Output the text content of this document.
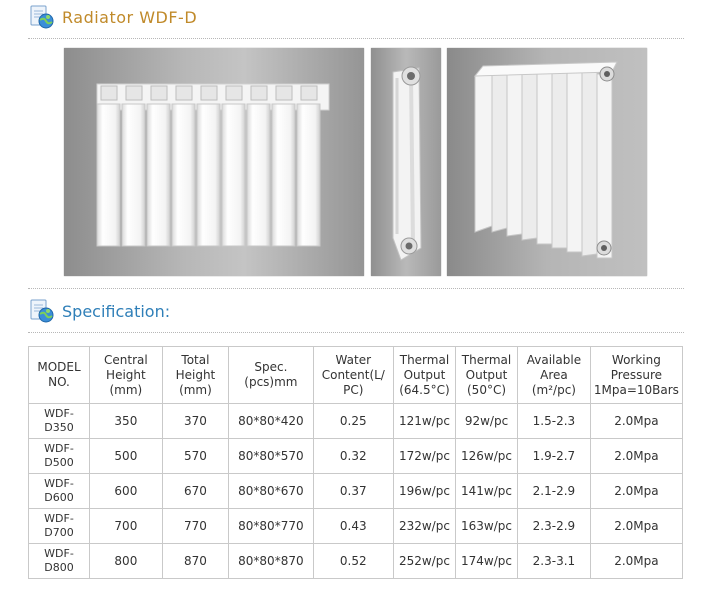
Radiator WDF-D
Specification:
MODEL
NO.	Central
Height
(mm)	Total
Height
(mm)	Spec.
(pcs)mm	Water
Content(L/
PC)	Thermal
Output
(64.5°C)	Thermal
Output
(50°C)	Available
Area
(m²/pc)	Working
Pressure
1Mpa=10Bars
WDF-
D350	350	370	80*80*420	0.25	121w/pc	92w/pc	1.5-2.3	2.0Mpa
WDF-
D500	500	570	80*80*570	0.32	172w/pc	126w/pc	1.9-2.7	2.0Mpa
WDF-
D600	600	670	80*80*670	0.37	196w/pc	141w/pc	2.1-2.9	2.0Mpa
WDF-
D700	700	770	80*80*770	0.43	232w/pc	163w/pc	2.3-2.9	2.0Mpa
WDF-
D800	800	870	80*80*870	0.52	252w/pc	174w/pc	2.3-3.1	2.0Mpa
